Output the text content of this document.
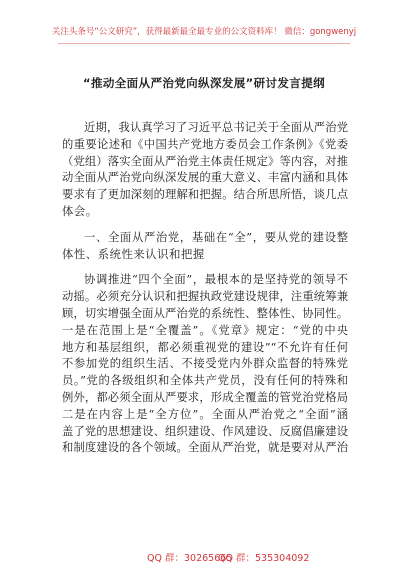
关注头条号“公文研究”，获得最新最全最专业的公文资料库！ 微信：gongwenyj
“推动全面从严治党向纵深发展”研讨发言提纲
近期，我认真学习了习近平总书记关于全面从严治党
的重要论述和《中国共产党地方委员会工作条例》《党委
（党组）落实全面从严治党主体责任规定》等内容，对推
动全面从严治党向纵深发展的重大意义、丰富内涵和具体
要求有了更加深刻的理解和把握。结合所思所悟，谈几点
体会。
一、全面从严治党，基础在“全”，要从党的建设整
体性、系统性来认识和把握
协调推进“四个全面”，最根本的是坚持党的领导不
动摇。必须充分认识和把握执政党建设规律，注重统筹兼
顾，切实增强全面从严治党的系统性、整体性、协同性。
一是在范围上是“全覆盖”。《党章》规定：“党的中央
地方和基层组织，都必须重视党的建设”“不允许有任何
不参加党的组织生活、不接受党内外群众监督的特殊党
员。”党的各级组织和全体共产党员，没有任何的特殊和
例外，都必须全面从严要求，形成全覆盖的管党治党格局
二是在内容上是“全方位”。全面从严治党之“全面”涵
盖了党的思想建设、组织建设、作风建设、反腐倡廉建设
和制度建设的各个领域。全面从严治党，就是要对从严治
QQ 群：30265665
QQ 群：535304092
